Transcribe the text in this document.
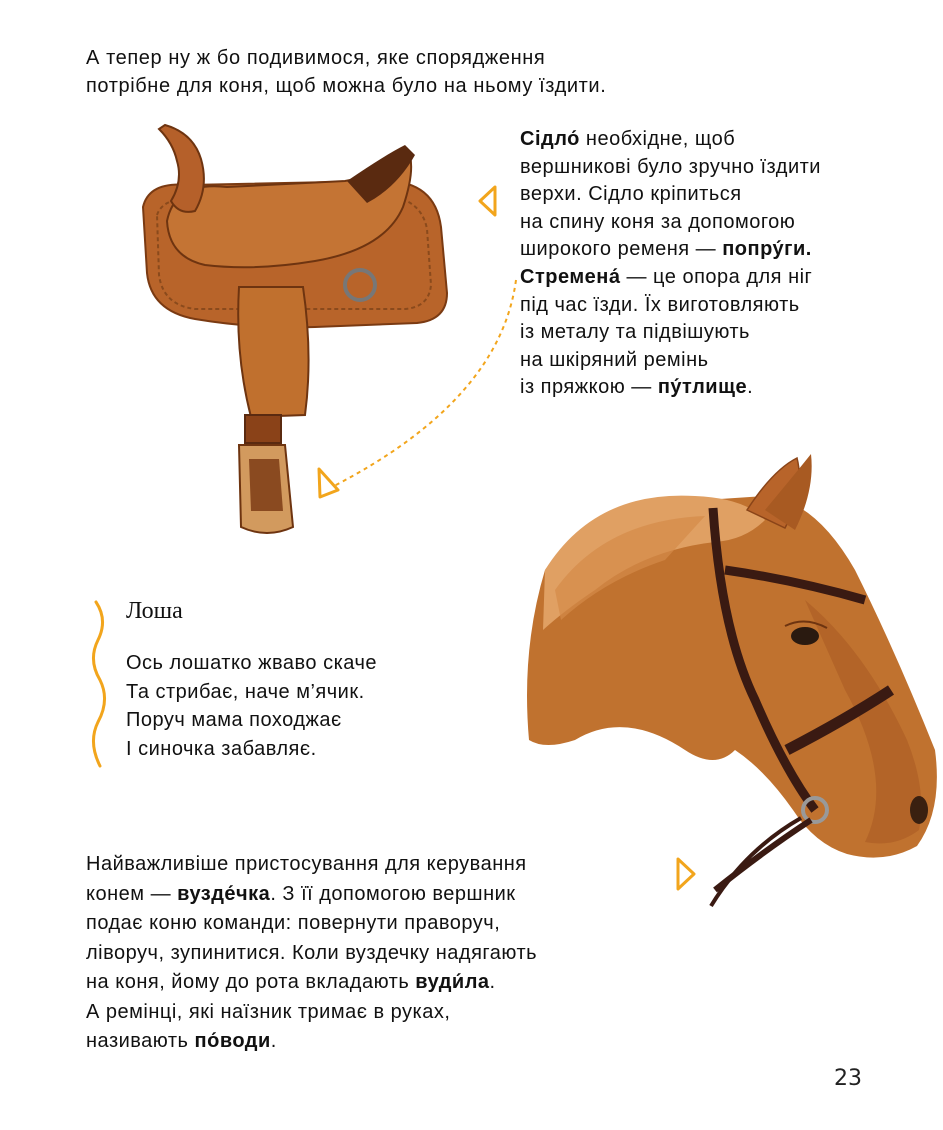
А тепер ну ж бо подивимося, яке спорядження

потрібне для коня, щоб можна було на ньому їздити.

Сідло́ необхідне, щоб
вершникові було зручно їздити
верхи. Сідло кріпиться
на спину коня за допомогою
широкого ременя — попру́ги.
Стремена́ — це опора для ніг
під час їзди. Їх виготовляють
із металу та підвішують
на шкіряний ремінь
із пряжкою — пу́тлище.
Лоша
Ось лошатко жваво скаче
Та стрибає, наче м’ячик.
Поруч мама походжає
І синочка забавляє.
Найважливіше пристосування для керування
конем — вузде́чка. З її допомогою вершник
подає коню команди: повернути праворуч,
ліворуч, зупинитися. Коли вуздечку надягають
на коня, йому до рота вкладають вуди́ла.
А ремінці, які наїзник тримає в руках,
називають по́води.
23
